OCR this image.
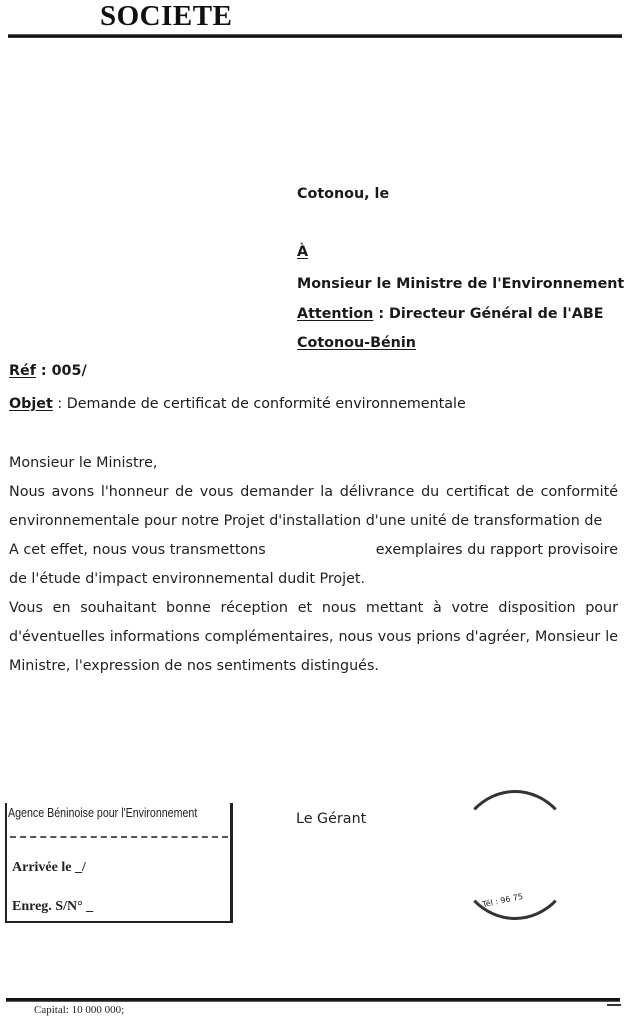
SOCIETE
Cotonou, le
À
Monsieur le Ministre de l'Environnement
Attention : Directeur Général de l'ABE
Cotonou-Bénin
Réf : 005/
Objet : Demande de certificat de conformité environnementale

Monsieur le Ministre,

Nous avons l'honneur de vous demander la délivrance du certificat de conformité environnementale pour notre Projet d'installation d'une unité de transformation de

A cet effet, nous vous transmettons	exemplaires du rapport provisoire de l'étude d'impact environnemental dudit Projet.

Vous en souhaitant bonne réception et nous mettant à votre disposition pour d'éventuelles informations complémentaires, nous vous prions d'agréer, Monsieur le Ministre, l'expression de nos sentiments distingués.

Agence Béninoise pour l'Environnement
Arrivée le _/
Enreg. S/N° _
Le Gérant
Tél : 96 75
Capital: 10 000 000;
